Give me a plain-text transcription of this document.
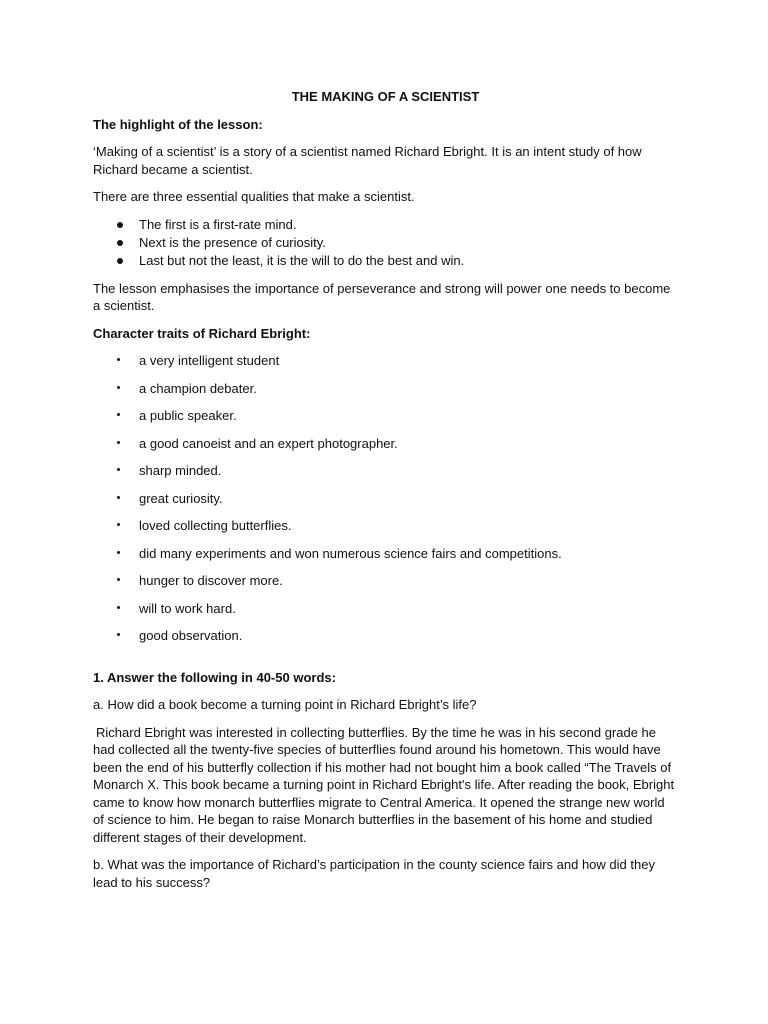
THE MAKING OF A SCIENTIST
The highlight of the lesson:

‘Making of a scientist’ is a story of a scientist named Richard Ebright. It is an intent study of how Richard became a scientist.

There are three essential qualities that make a scientist.

The first is a first-rate mind.
Next is the presence of curiosity.
Last but not the least, it is the will to do the best and win.

The lesson emphasises the importance of perseverance and strong will power one needs to become a scientist.

Character traits of Richard Ebright:
a very intelligent student
a champion debater.
a public speaker.
a good canoeist and an expert photographer.
sharp minded.
great curiosity.
loved collecting butterflies.
did many experiments and won numerous science fairs and competitions.
hunger to discover more.
will to work hard.
good observation.
1. Answer the following in 40-50 words:

a. How did a book become a turning point in Richard Ebright’s life?

Richard Ebright was interested in collecting butterflies. By the time he was in his second grade he had collected all the twenty-five species of butterflies found around his hometown. This would have been the end of his butterfly collection if his mother had not bought him a book called “The Travels of Monarch X. This book became a turning point in Richard Ebright's life. After reading the book, Ebright came to know how monarch butterflies migrate to Central America. It opened the strange new world of science to him. He began to raise Monarch butterflies in the basement of his home and studied different stages of their development.

b. What was the importance of Richard’s participation in the county science fairs and how did they lead to his success?
